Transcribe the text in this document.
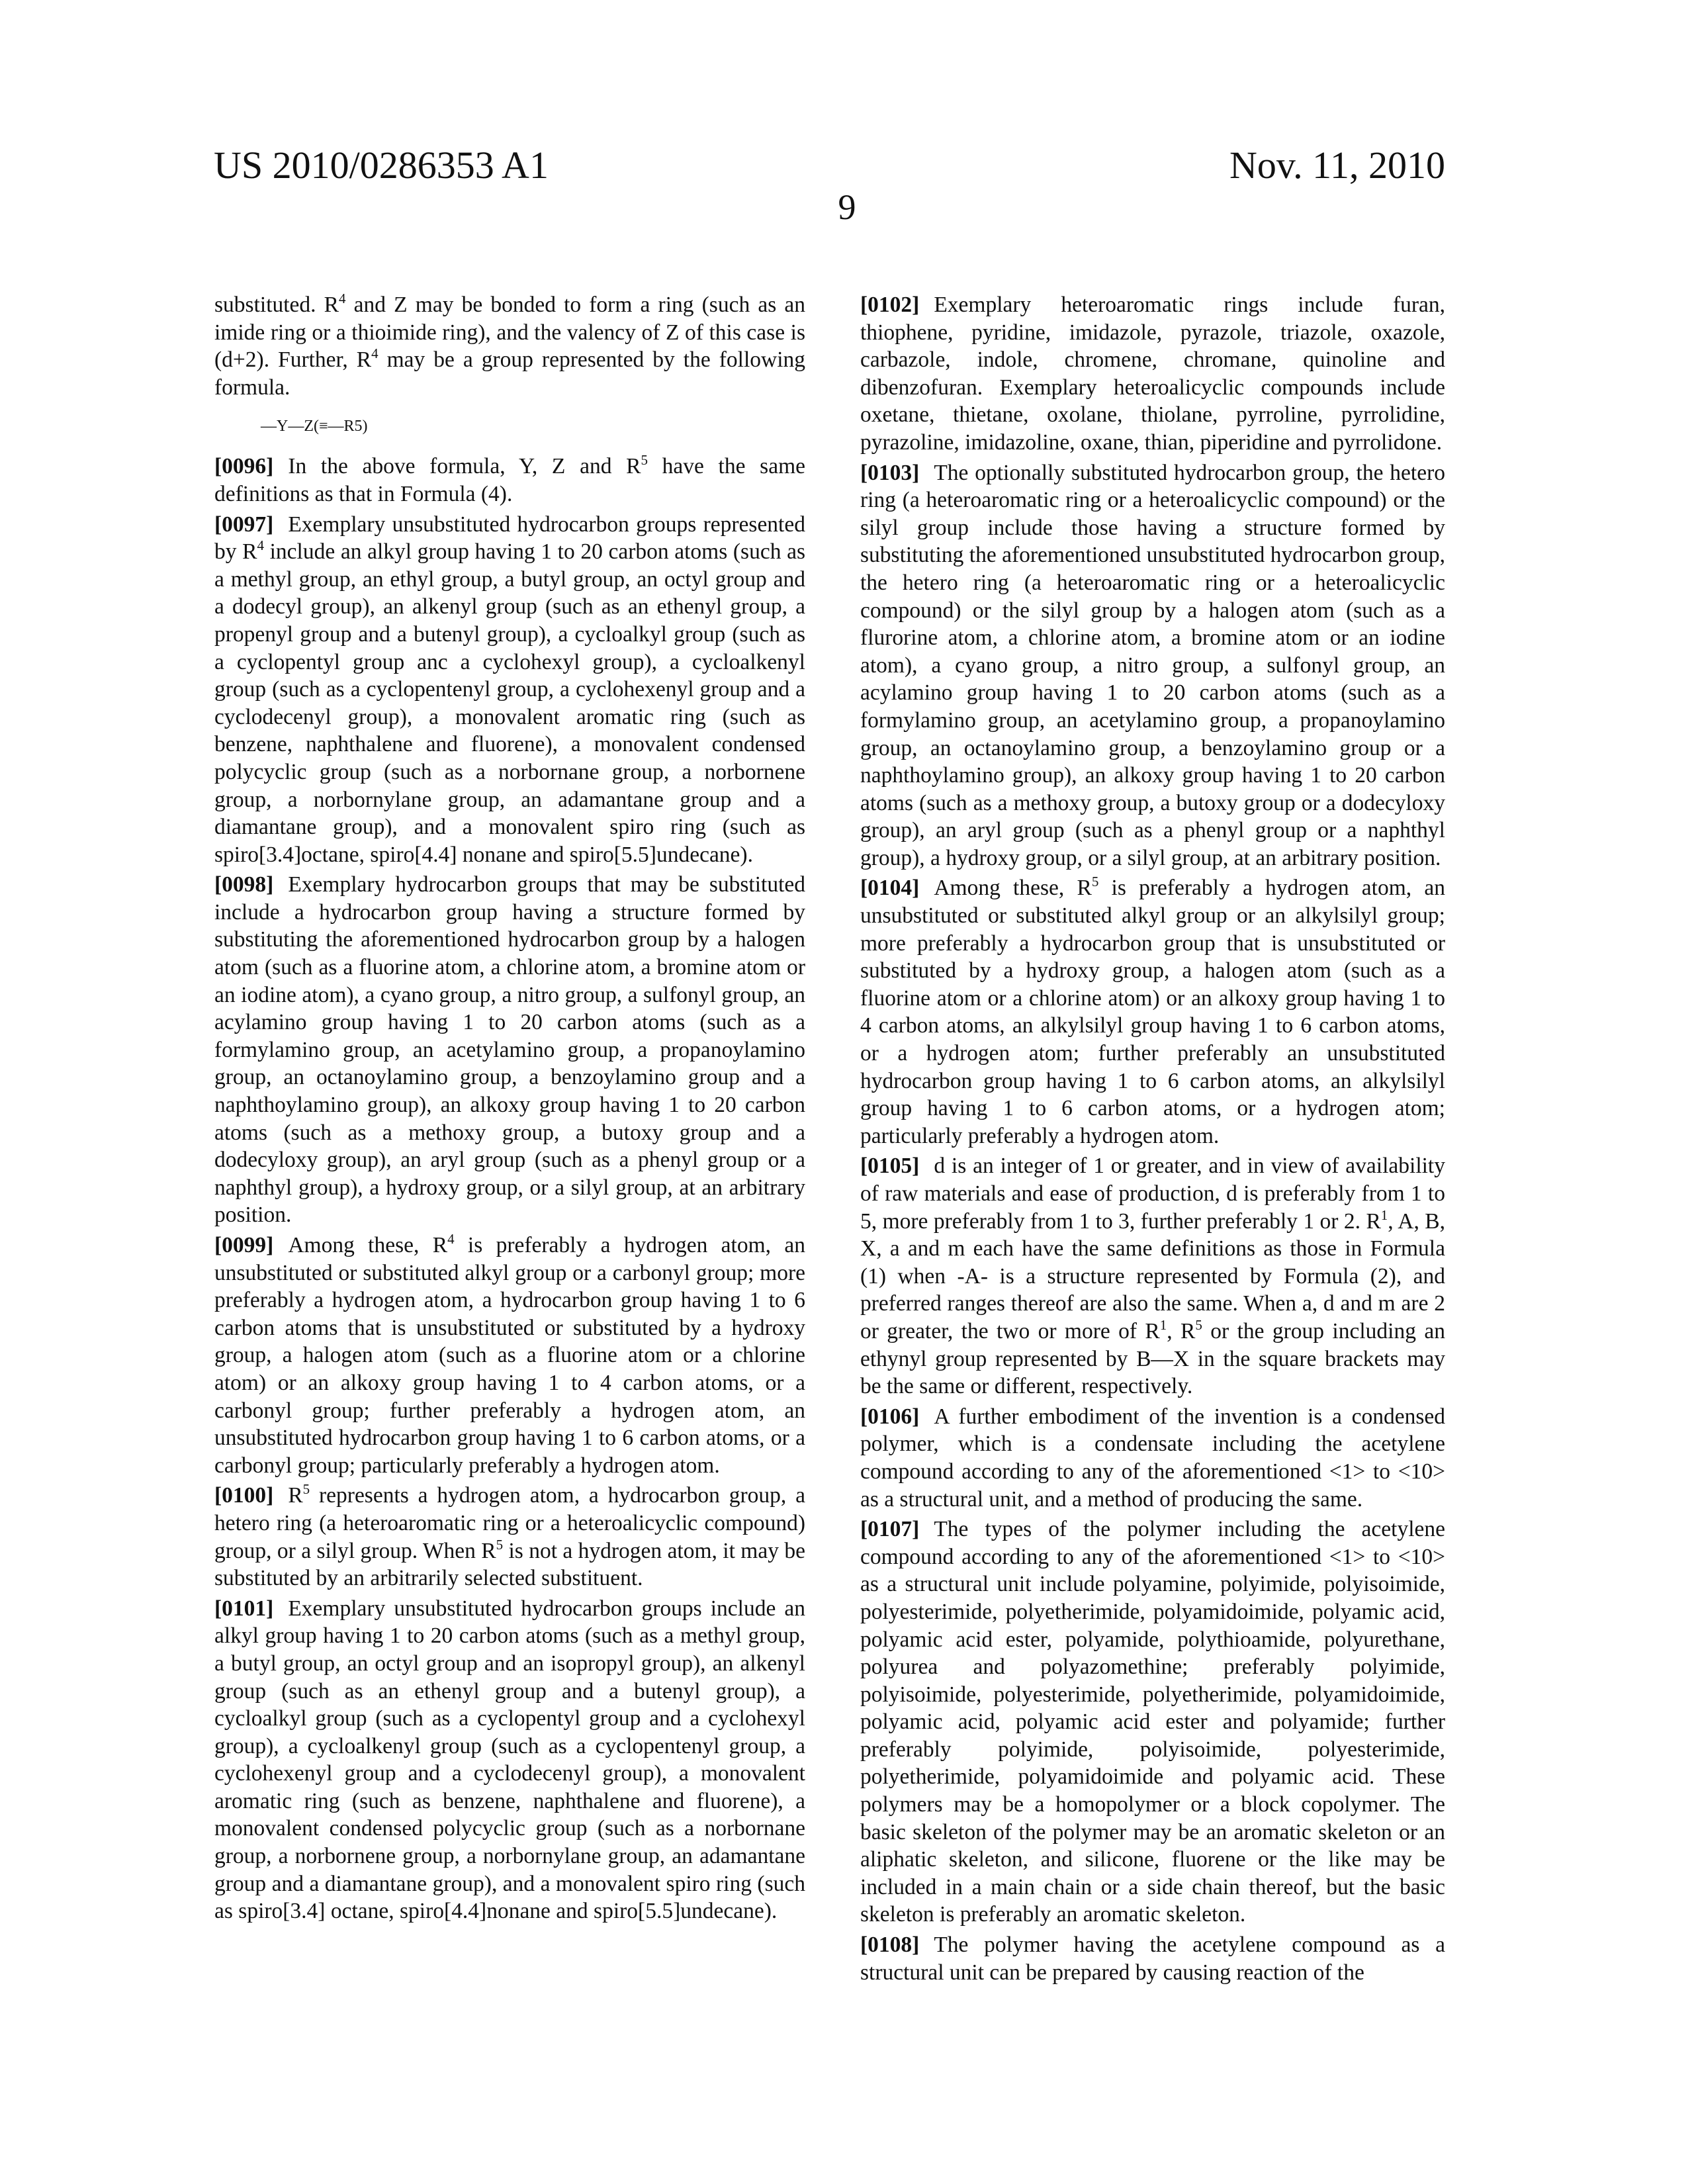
US 2010/0286353 A1	Nov. 11, 2010
9

substituted. R4 and Z may be bonded to form a ring (such as an imide ring or a thioimide ring), and the valency of Z of this case is (d+2). Further, R4 may be a group represented by the following formula.

—Y—Z(≡—R5)

[0096] In the above formula, Y, Z and R5 have the same definitions as that in Formula (4).

[0097] Exemplary unsubstituted hydrocarbon groups represented by R4 include an alkyl group having 1 to 20 carbon atoms (such as a methyl group, an ethyl group, a butyl group, an octyl group and a dodecyl group), an alkenyl group (such as an ethenyl group, a propenyl group and a butenyl group), a cycloalkyl group (such as a cyclopentyl group anc a cyclohexyl group), a cycloalkenyl group (such as a cyclopentenyl group, a cyclohexenyl group and a cyclodecenyl group), a monovalent aromatic ring (such as benzene, naphthalene and fluorene), a monovalent condensed polycyclic group (such as a norbornane group, a norbornene group, a norbornylane group, an adamantane group and a diamantane group), and a monovalent spiro ring (such as spiro[3.4]octane, spiro[4.4] nonane and spiro[5.5]undecane).

[0098] Exemplary hydrocarbon groups that may be substituted include a hydrocarbon group having a structure formed by substituting the aforementioned hydrocarbon group by a halogen atom (such as a fluorine atom, a chlorine atom, a bromine atom or an iodine atom), a cyano group, a nitro group, a sulfonyl group, an acylamino group having 1 to 20 carbon atoms (such as a formylamino group, an acetylamino group, a propanoylamino group, an octanoylamino group, a benzoylamino group and a naphthoylamino group), an alkoxy group having 1 to 20 carbon atoms (such as a methoxy group, a butoxy group and a dodecyloxy group), an aryl group (such as a phenyl group or a naphthyl group), a hydroxy group, or a silyl group, at an arbitrary position.

[0099] Among these, R4 is preferably a hydrogen atom, an unsubstituted or substituted alkyl group or a carbonyl group; more preferably a hydrogen atom, a hydrocarbon group having 1 to 6 carbon atoms that is unsubstituted or substituted by a hydroxy group, a halogen atom (such as a fluorine atom or a chlorine atom) or an alkoxy group having 1 to 4 carbon atoms, or a carbonyl group; further preferably a hydrogen atom, an unsubstituted hydrocarbon group having 1 to 6 carbon atoms, or a carbonyl group; particularly preferably a hydrogen atom.

[0100] R5 represents a hydrogen atom, a hydrocarbon group, a hetero ring (a heteroaromatic ring or a heteroalicyclic compound) group, or a silyl group. When R5 is not a hydrogen atom, it may be substituted by an arbitrarily selected substituent.

[0101] Exemplary unsubstituted hydrocarbon groups include an alkyl group having 1 to 20 carbon atoms (such as a methyl group, a butyl group, an octyl group and an isopropyl group), an alkenyl group (such as an ethenyl group and a butenyl group), a cycloalkyl group (such as a cyclopentyl group and a cyclohexyl group), a cycloalkenyl group (such as a cyclopentenyl group, a cyclohexenyl group and a cyclodecenyl group), a monovalent aromatic ring (such as benzene, naphthalene and fluorene), a monovalent condensed polycyclic group (such as a norbornane group, a norbornene group, a norbornylane group, an adamantane group and a diamantane group), and a monovalent spiro ring (such as spiro[3.4] octane, spiro[4.4]nonane and spiro[5.5]undecane).

[0102] Exemplary heteroaromatic rings include furan, thiophene, pyridine, imidazole, pyrazole, triazole, oxazole, carbazole, indole, chromene, chromane, quinoline and dibenzofuran. Exemplary heteroalicyclic compounds include oxetane, thietane, oxolane, thiolane, pyrroline, pyrrolidine, pyrazoline, imidazoline, oxane, thian, piperidine and pyrrolidone.

[0103] The optionally substituted hydrocarbon group, the hetero ring (a heteroaromatic ring or a heteroalicyclic compound) or the silyl group include those having a structure formed by substituting the aforementioned unsubstituted hydrocarbon group, the hetero ring (a heteroaromatic ring or a heteroalicyclic compound) or the silyl group by a halogen atom (such as a flurorine atom, a chlorine atom, a bromine atom or an iodine atom), a cyano group, a nitro group, a sulfonyl group, an acylamino group having 1 to 20 carbon atoms (such as a formylamino group, an acetylamino group, a propanoylamino group, an octanoylamino group, a benzoylamino group or a naphthoylamino group), an alkoxy group having 1 to 20 carbon atoms (such as a methoxy group, a butoxy group or a dodecyloxy group), an aryl group (such as a phenyl group or a naphthyl group), a hydroxy group, or a silyl group, at an arbitrary position.

[0104] Among these, R5 is preferably a hydrogen atom, an unsubstituted or substituted alkyl group or an alkylsilyl group; more preferably a hydrocarbon group that is unsubstituted or substituted by a hydroxy group, a halogen atom (such as a fluorine atom or a chlorine atom) or an alkoxy group having 1 to 4 carbon atoms, an alkylsilyl group having 1 to 6 carbon atoms, or a hydrogen atom; further preferably an unsubstituted hydrocarbon group having 1 to 6 carbon atoms, an alkylsilyl group having 1 to 6 carbon atoms, or a hydrogen atom; particularly preferably a hydrogen atom.

[0105] d is an integer of 1 or greater, and in view of availability of raw materials and ease of production, d is preferably from 1 to 5, more preferably from 1 to 3, further preferably 1 or 2. R1, A, B, X, a and m each have the same definitions as those in Formula (1) when -A- is a structure represented by Formula (2), and preferred ranges thereof are also the same. When a, d and m are 2 or greater, the two or more of R1, R5 or the group including an ethynyl group represented by B—X in the square brackets may be the same or different, respectively.

[0106] A further embodiment of the invention is a condensed polymer, which is a condensate including the acetylene compound according to any of the aforementioned <1> to <10> as a structural unit, and a method of producing the same.

[0107] The types of the polymer including the acetylene compound according to any of the aforementioned <1> to <10> as a structural unit include polyamine, polyimide, polyisoimide, polyesterimide, polyetherimide, polyamidoimide, polyamic acid, polyamic acid ester, polyamide, polythioamide, polyurethane, polyurea and polyazomethine; preferably polyimide, polyisoimide, polyesterimide, polyetherimide, polyamidoimide, polyamic acid, polyamic acid ester and polyamide; further preferably polyimide, polyisoimide, polyesterimide, polyetherimide, polyamidoimide and polyamic acid. These polymers may be a homopolymer or a block copolymer. The basic skeleton of the polymer may be an aromatic skeleton or an aliphatic skeleton, and silicone, fluorene or the like may be included in a main chain or a side chain thereof, but the basic skeleton is preferably an aromatic skeleton.

[0108] The polymer having the acetylene compound as a structural unit can be prepared by causing reaction of the
